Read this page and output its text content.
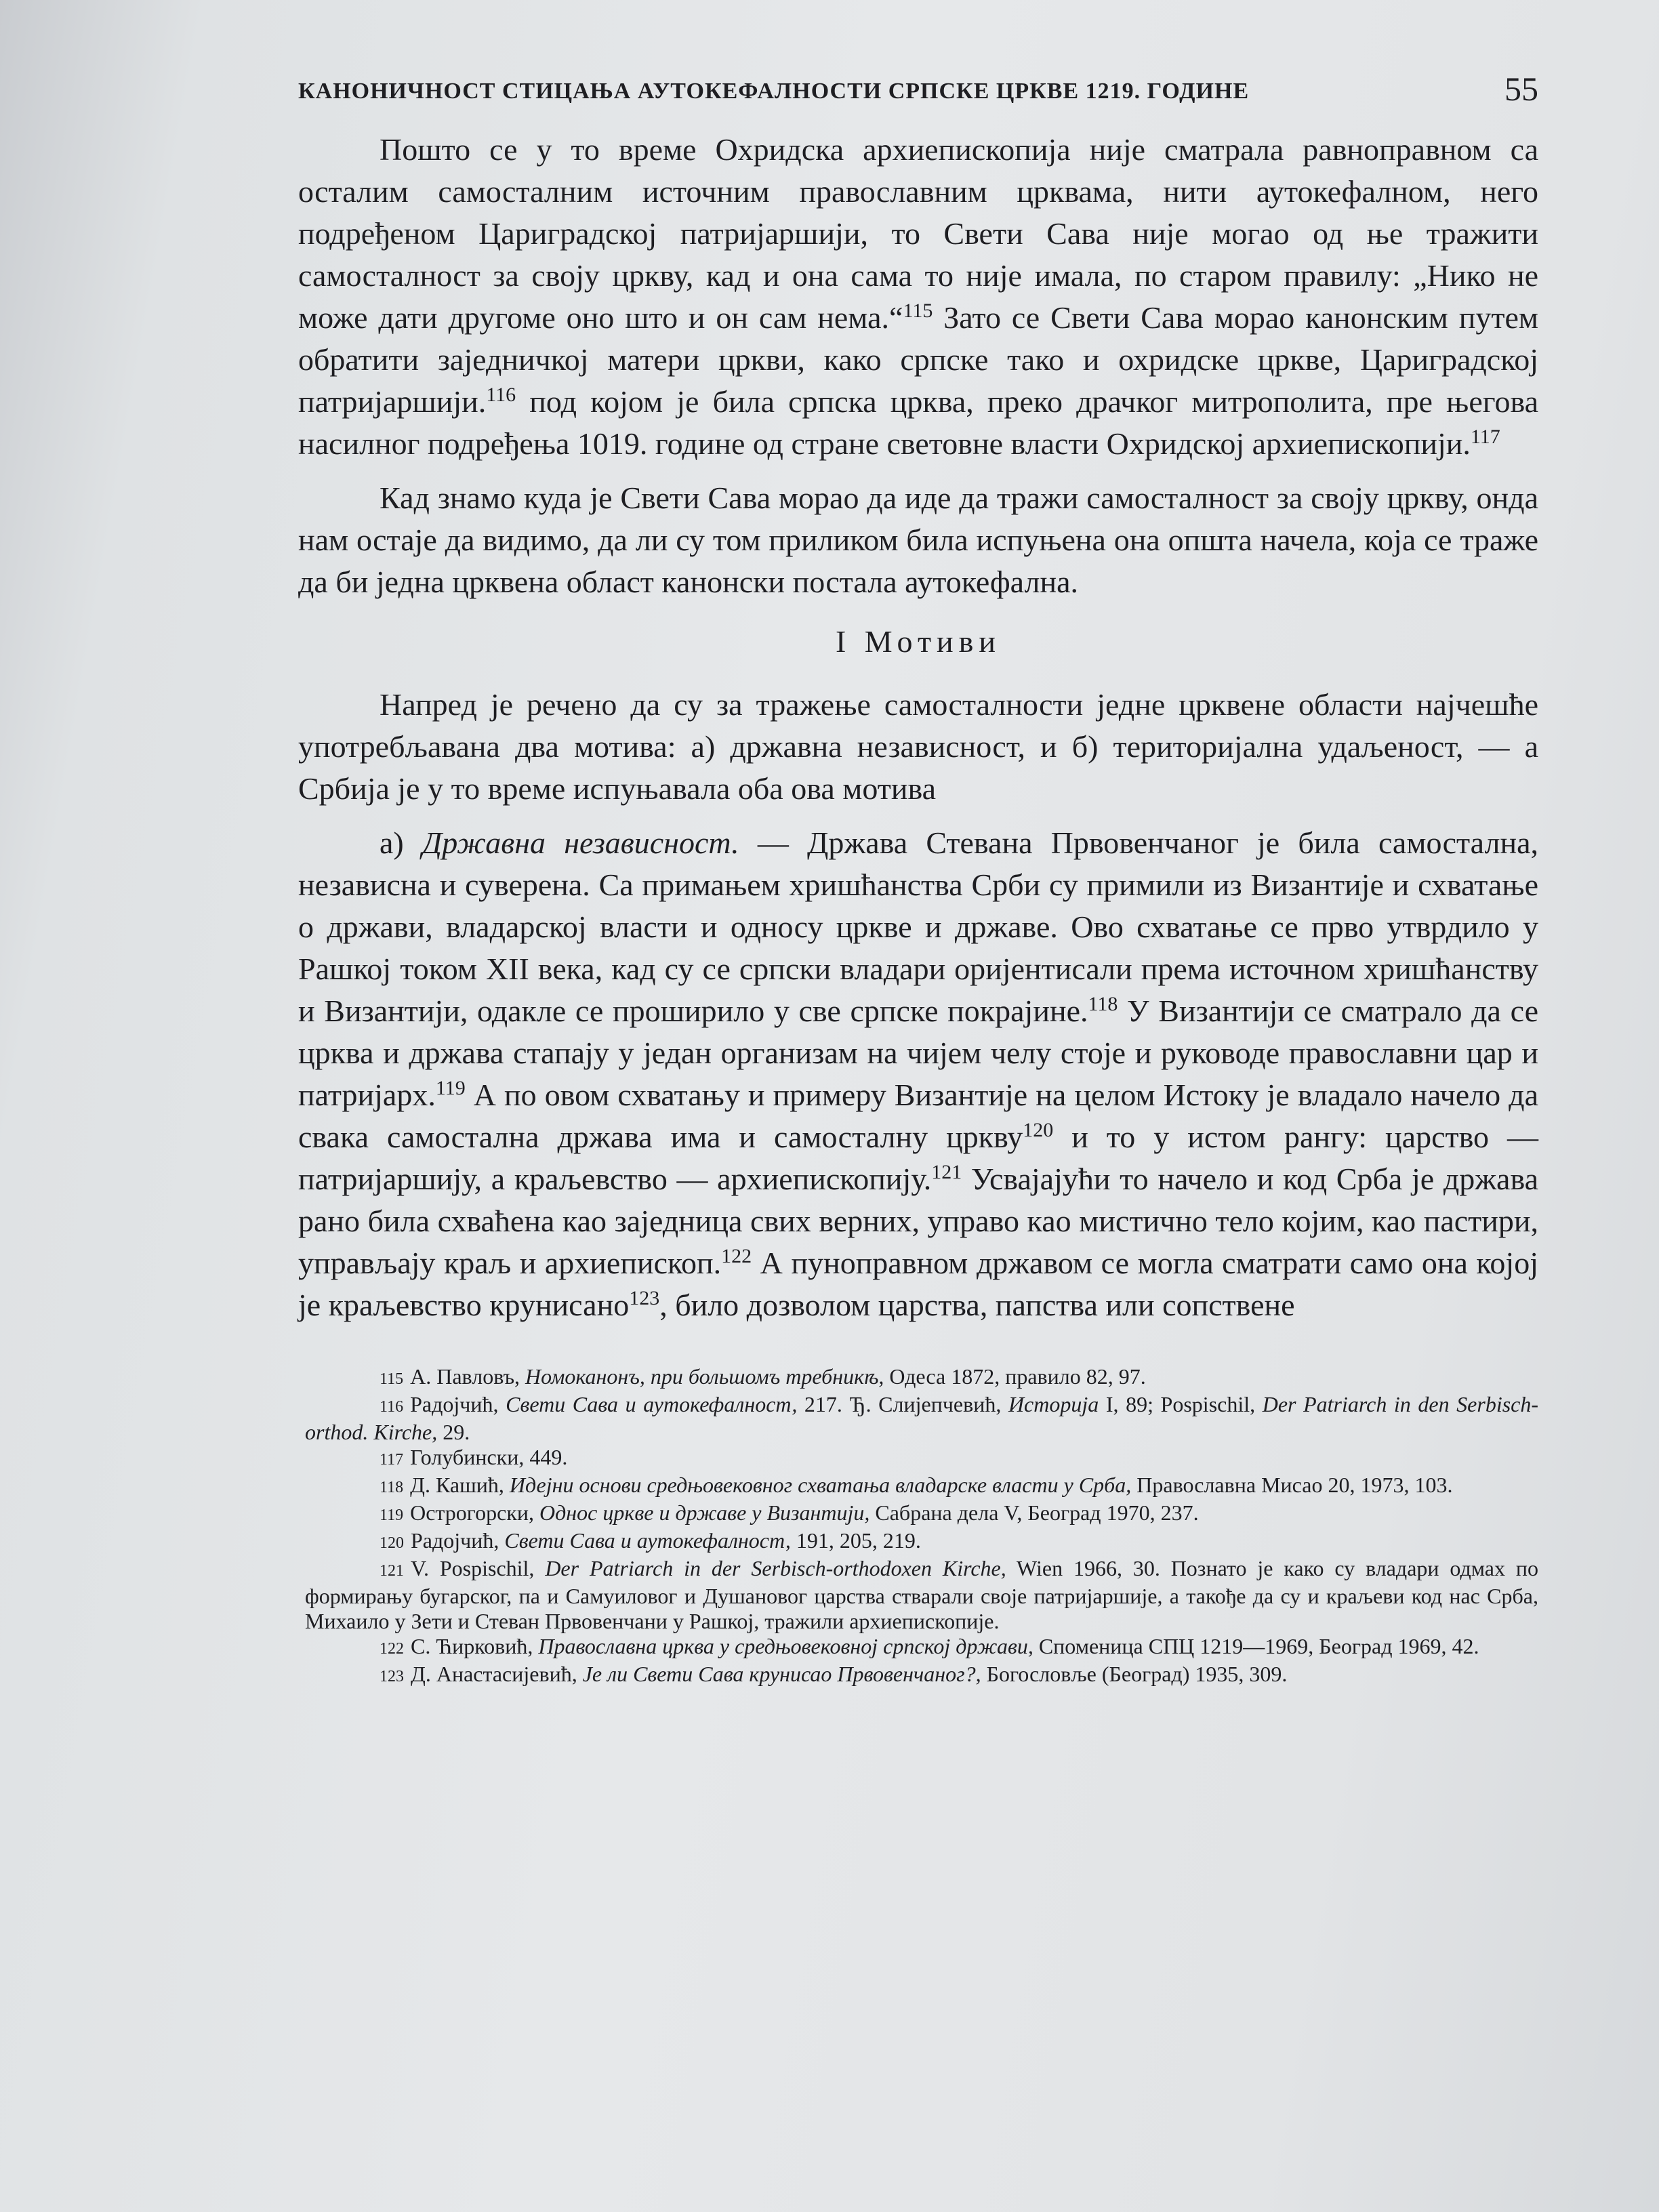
КАНОНИЧНОСТ СТИЦАЊА АУТОКЕФАЛНОСТИ СРПСКЕ ЦРКВЕ 1219. ГОДИНЕ	55

Пошто се у то време Охридска архиепископија није сматрала равноправном са осталим самосталним источним православним црквама, нити аутокефалном, него подређеном Цариградској патријаршији, то Свети Сава није могао од ње тражити самосталност за своју цркву, кад и она сама то није имала, по старом правилу: „Нико не може дати другоме оно што и он сам нема.“$^{115}$ Зато се Свети Сава морао канонским путем обратити заједничкој матери цркви, како српске тако и охридске цркве, Цариградској патријаршији.$^{116}$ под којом је била српска црква, преко драчког митрополита, пре његова насилног подређења 1019. године од стране световне власти Охридској архиепископији.$^{117}$

Кад знамо куда је Свети Сава морао да иде да тражи самосталност за своју цркву, онда нам остаје да видимо, да ли су том приликом била испуњена она општа начела, која се траже да би једна црквена област канонски постала аутокефална.

I Мотиви

Напред је речено да су за тражење самосталности једне црквене области најчешће употребљавана два мотива: а) државна независност, и б) територијална удаљеност, — а Србија је у то време испуњавала оба ова мотива

а) Државна независност. — Држава Стевана Првовенчаног је била самостална, независна и суверена. Са примањем хришћанства Срби су примили из Византије и схватање о држави, владарској власти и односу цркве и државе. Ово схватање се прво утврдило у Рашкој током XII века, кад су се српски владари оријентисали према источном хришћанству и Византији, одакле се проширило у све српске покрајине.$^{118}$ У Византији се сматрало да се црква и држава стапају у један организам на чијем челу стоје и руководе православни цар и патријарх.$^{119}$ А по овом схватању и примеру Византије на целом Истоку је владало начело да свака самостална држава има и самосталну цркву$^{120}$ и то у истом рангу: царство — патријаршију, а краљевство — архиепископију.$^{121}$ Усвајајући то начело и код Срба је држава рано била схваћена као заједница свих верних, управо као мистично тело којим, као пастири, управљају краљ и архиепископ.$^{122}$ А пуноправном државом се могла сматрати само она којој је краљевство крунисано$^{123}$, било дозволом царства, папства или сопствене

115 А. Павловъ, Номоканонъ, при большомъ требникѣ, Одеса 1872, правило 82, 97.

116 Радојчић, Свети Сава и аутокефалност, 217. Ђ. Слијепчевић, Историја I, 89; Pospischil, Der Patriarch in den Serbisch-orthod. Kirche, 29.

117 Голубински, 449.

118 Д. Кашић, Идејни основи средњовековног схватања владарске власти у Срба, Православна Мисао 20, 1973, 103.

119 Острогорски, Однос цркве и државе у Византији, Сабрана дела V, Београд 1970, 237.

120 Радојчић, Свети Сава и аутокефалност, 191, 205, 219.

121 V. Pospischil, Der Patriarch in der Serbisch-orthodoxen Kirche, Wien 1966, 30. Познато је како су владари одмах по формирању бугарског, па и Самуиловог и Душановог царства стварали своје патријаршије, а такође да су и краљеви код нас Срба, Михаило у Зети и Стеван Првовенчани у Рашкој, тражили архиепископије.

122 С. Ћирковић, Православна црква у средњовековној српској држави, Споменица СПЦ 1219—1969, Београд 1969, 42.

123 Д. Анастасијевић, Је ли Свети Сава крунисао Првовенчаног?, Богословље (Београд) 1935, 309.
